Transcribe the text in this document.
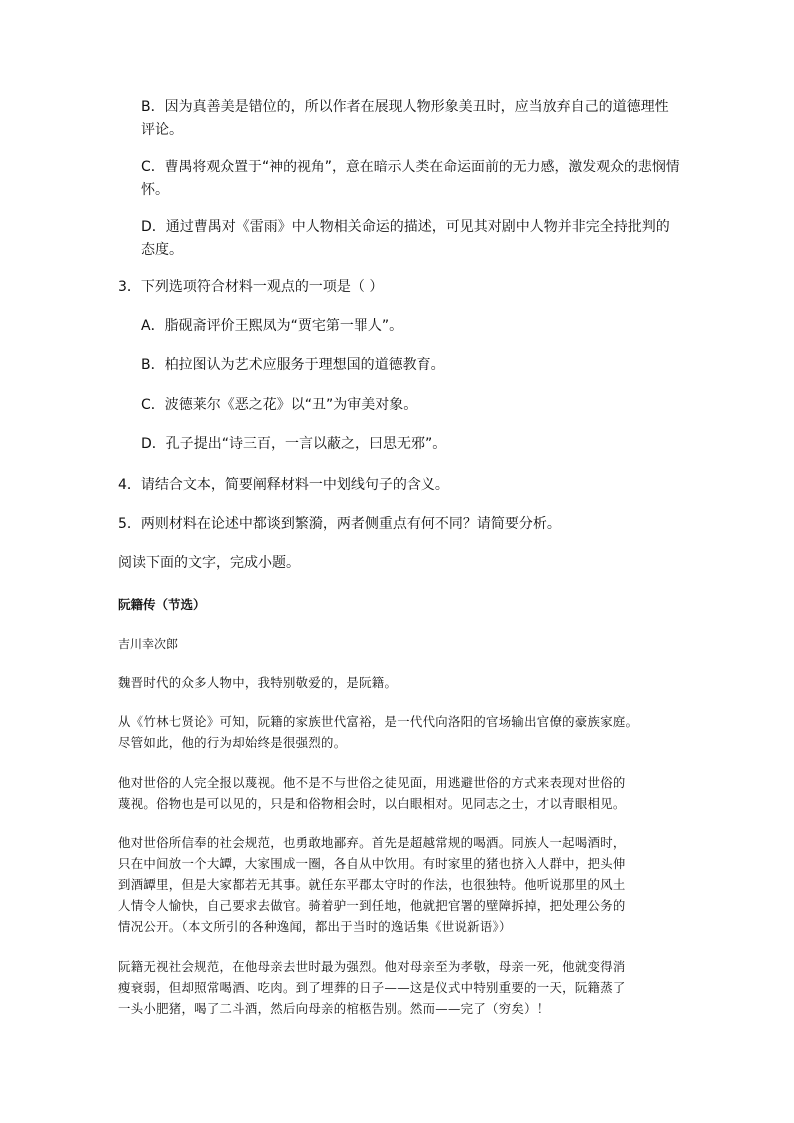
B．因为真善美是错位的，所以作者在展现人物形象美丑时，应当放弃自己的道德理性
评论。
C．曹禺将观众置于“神的视角”，意在暗示人类在命运面前的无力感，激发观众的悲悯情
怀。
D．通过曹禺对《雷雨》中人物相关命运的描述，可见其对剧中人物并非完全持批判的
态度。
3．下列选项符合材料一观点的一项是（ ）
A．脂砚斋评价王熙凤为“贾宅第一罪人”。
B．柏拉图认为艺术应服务于理想国的道德教育。
C．波德莱尔《恶之花》以“丑”为审美对象。
D．孔子提出“诗三百，一言以蔽之，曰思无邪”。
4．请结合文本，简要阐释材料一中划线句子的含义。
5．两则材料在论述中都谈到繁漪，两者侧重点有何不同？请简要分析。
阅读下面的文字，完成小题。
阮籍传（节选）
吉川幸次郎
魏晋时代的众多人物中，我特别敬爱的，是阮籍。
从《竹林七贤论》可知，阮籍的家族世代富裕，是一代代向洛阳的官场输出官僚的豪族家庭。
尽管如此，他的行为却始终是很强烈的。
他对世俗的人完全报以蔑视。他不是不与世俗之徒见面，用逃避世俗的方式来表现对世俗的
蔑视。俗物也是可以见的，只是和俗物相会时，以白眼相对。见同志之士，才以青眼相见。
他对世俗所信奉的社会规范，也勇敢地鄙弃。首先是超越常规的喝酒。同族人一起喝酒时，
只在中间放一个大罈，大家围成一圈，各自从中饮用。有时家里的猪也挤入人群中，把头伸
到酒罈里，但是大家都若无其事。就任东平郡太守时的作法，也很独特。他听说那里的风土
人情令人愉快，自己要求去做官。骑着驴一到任地，他就把官署的壁障拆掉，把处理公务的
情况公开。（本文所引的各种逸闻，都出于当时的逸话集《世说新语》）
阮籍无视社会规范，在他母亲去世时最为强烈。他对母亲至为孝敬，母亲一死，他就变得消
瘦衰弱，但却照常喝酒、吃肉。到了埋葬的日子——这是仪式中特别重要的一天，阮籍蒸了
一头小肥猪，喝了二斗酒，然后向母亲的棺柩告别。然而——完了（穷矣）！
